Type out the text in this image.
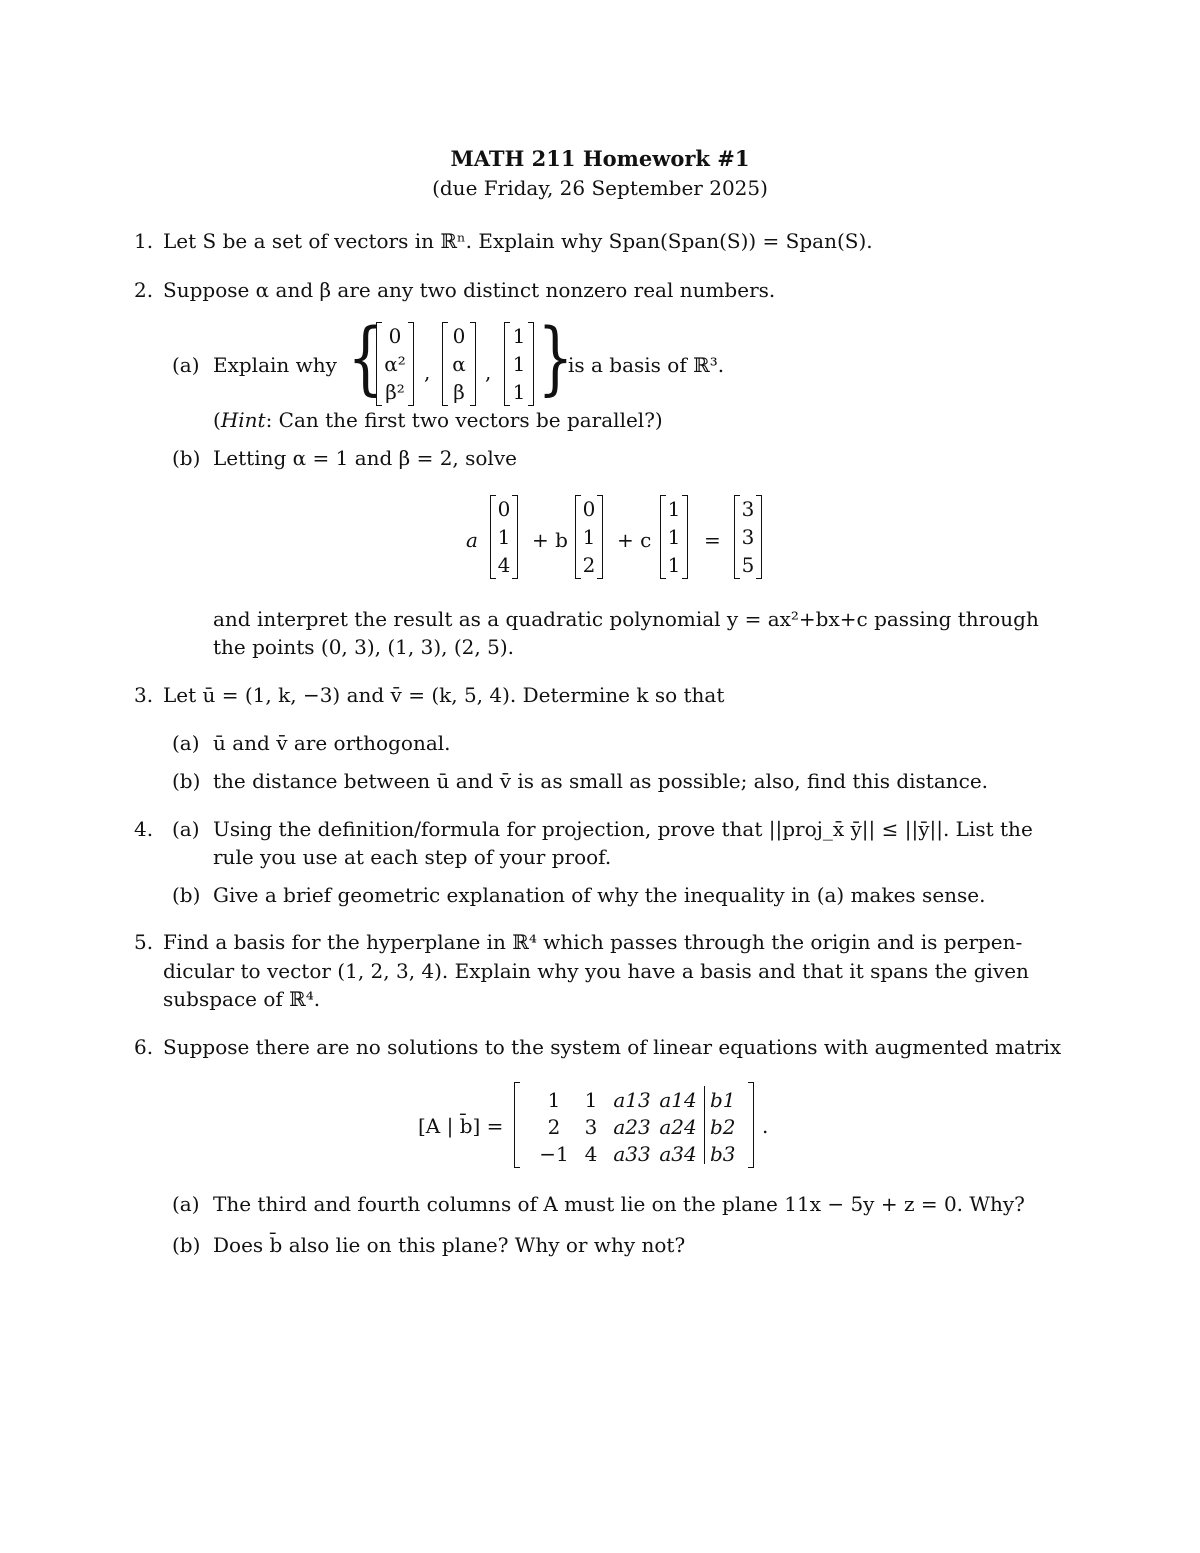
MATH 211 Homework #1
(due Friday, 26 September 2025)
1. Let S be a set of vectors in ℝⁿ. Explain why Span(Span(S)) = Span(S).
2. Suppose α and β are any two distinct nonzero real numbers.
(a) Explain why { }
0
α²
β²
,
0
α
β
,
1
1
1
is a basis of ℝ³.
(Hint: Can the first two vectors be parallel?)
(b) Letting α = 1 and β = 2, solve
a
0
1
4
+ b
0
1
2
+ c
1
1
1
=
3
3
5
and interpret the result as a quadratic polynomial y = ax²+bx+c passing through
the points (0, 3), (1, 3), (2, 5).
3. Let ū = (1, k, −3) and v̄ = (k, 5, 4). Determine k so that
(a) ū and v̄ are orthogonal.
(b) the distance between ū and v̄ is as small as possible; also, find this distance.
4. (a) Using the definition/formula for projection, prove that ||proj_x̄ ȳ|| ≤ ||ȳ||. List the
rule you use at each step of your proof.
(b) Give a brief geometric explanation of why the inequality in (a) makes sense.
5. Find a basis for the hyperplane in ℝ⁴ which passes through the origin and is perpen-
dicular to vector (1, 2, 3, 4). Explain why you have a basis and that it spans the given
subspace of ℝ⁴.
6. Suppose there are no solutions to the system of linear equations with augmented matrix
[A | b̄] =
1	1 a13 a14 b1
2	3 a23 a24 b2
−1 4 a33 a34 b3
.
(a) The third and fourth columns of A must lie on the plane 11x − 5y + z = 0. Why?
(b) Does b̄ also lie on this plane? Why or why not?
